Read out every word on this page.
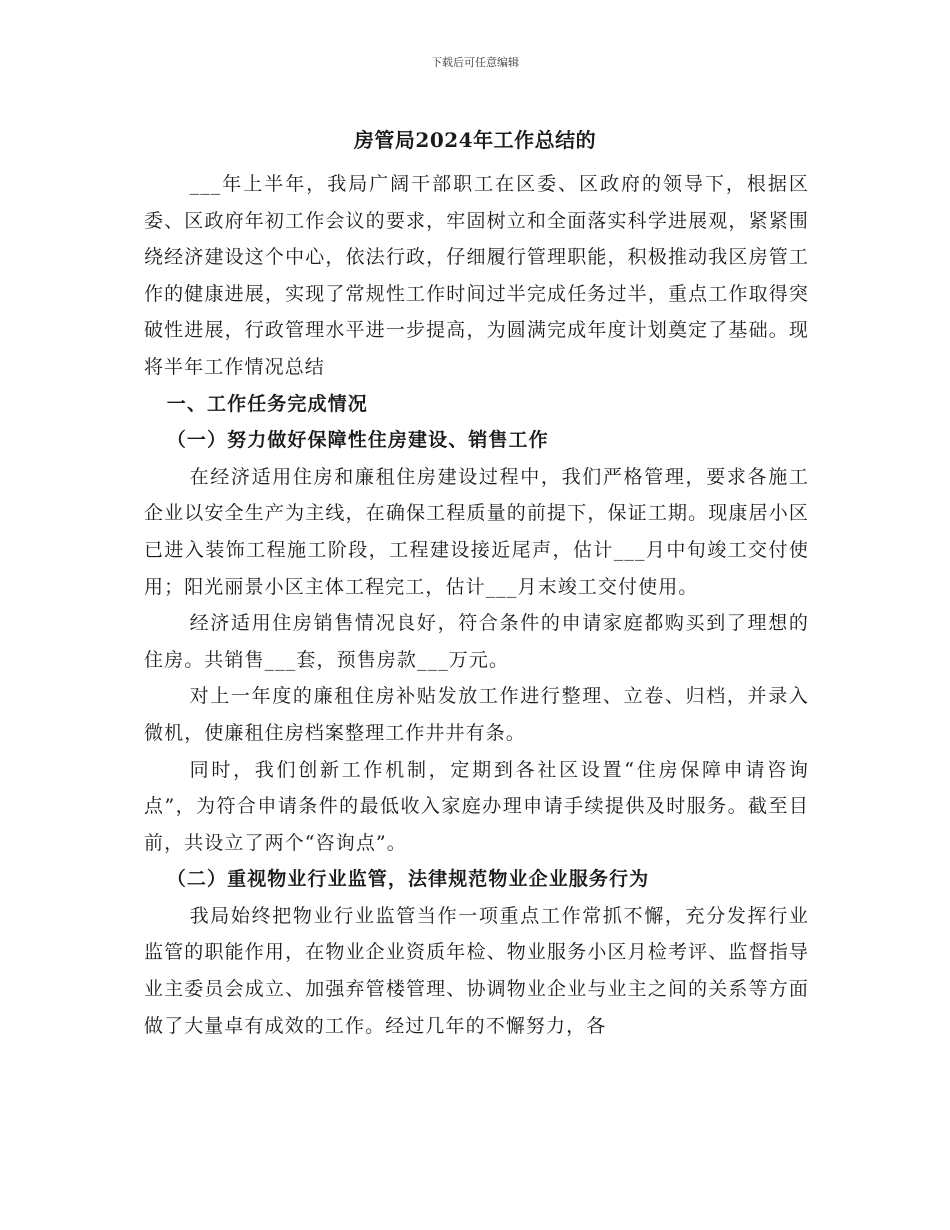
下载后可任意编辑
房管局2024年工作总结的

___年上半年，我局广阔干部职工在区委、区政府的领导下，根据区委、区政府年初工作会议的要求，牢固树立和全面落实科学进展观，紧紧围绕经济建设这个中心，依法行政，仔细履行管理职能，积极推动我区房管工作的健康进展，实现了常规性工作时间过半完成任务过半，重点工作取得突破性进展，行政管理水平进一步提高，为圆满完成年度计划奠定了基础。现将半年工作情况总结

一、工作任务完成情况
（一）努力做好保障性住房建设、销售工作

在经济适用住房和廉租住房建设过程中，我们严格管理，要求各施工企业以安全生产为主线，在确保工程质量的前提下，保证工期。现康居小区已进入装饰工程施工阶段，工程建设接近尾声，估计___月中旬竣工交付使用；阳光丽景小区主体工程完工，估计___月末竣工交付使用。

经济适用住房销售情况良好，符合条件的申请家庭都购买到了理想的住房。共销售___套，预售房款___万元。

对上一年度的廉租住房补贴发放工作进行整理、立卷、归档，并录入微机，使廉租住房档案整理工作井井有条。

同时，我们创新工作机制，定期到各社区设置“住房保障申请咨询点”，为符合申请条件的最低收入家庭办理申请手续提供及时服务。截至目前，共设立了两个“咨询点”。

（二）重视物业行业监管，法律规范物业企业服务行为

我局始终把物业行业监管当作一项重点工作常抓不懈，充分发挥行业监管的职能作用，在物业企业资质年检、物业服务小区月检考评、监督指导业主委员会成立、加强弃管楼管理、协调物业企业与业主之间的关系等方面做了大量卓有成效的工作。经过几年的不懈努力，各
